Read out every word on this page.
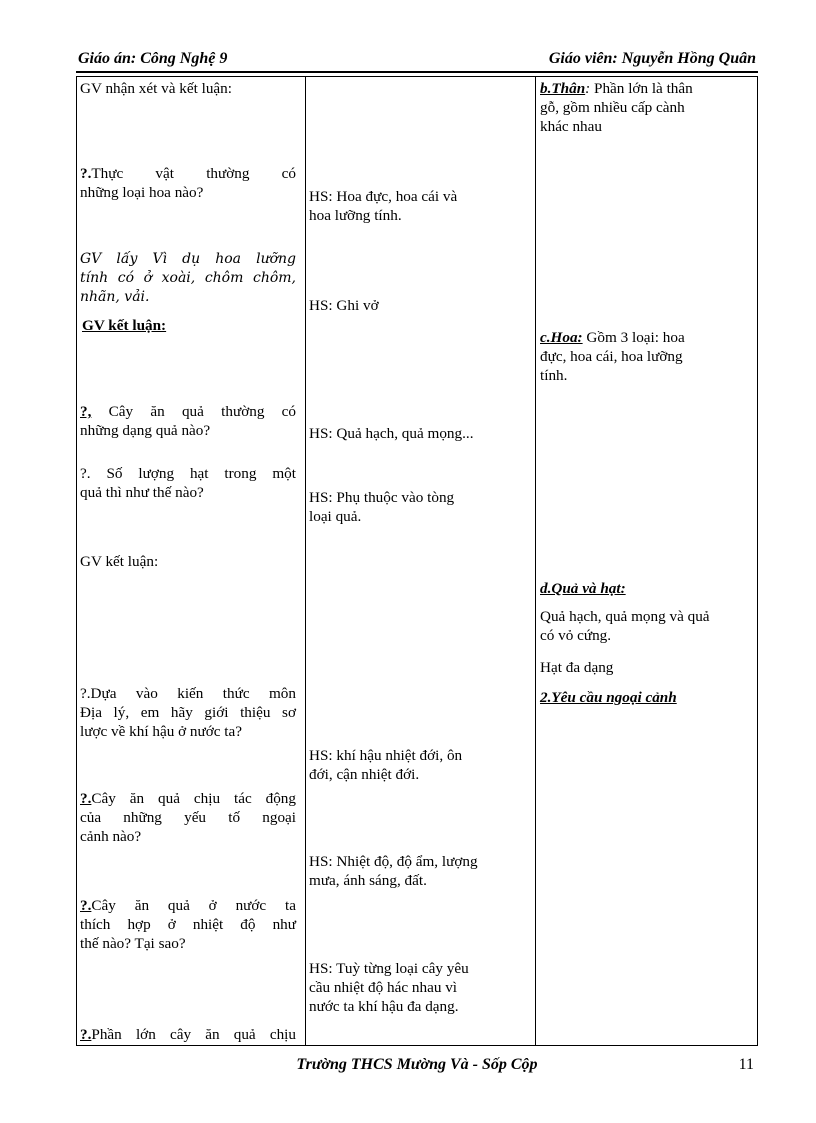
Giáo án: Công Nghệ 9	Giáo viên: Nguyễn Hồng Quân
GV nhận xét và kết luận:
?.Thực vật thường có
những loại hoa nào?
GV lấy Vì dụ hoa lưỡng
tính có ở xoài, chôm chôm,
nhãn, vải.
GV kết luận:
?, Cây ăn quả thường có
những dạng quả nào?
?. Số lượng hạt trong một
quả thì như thế nào?
GV kết luận:
?.Dựa vào kiến thức môn
Địa lý, em hãy giới thiệu sơ
lược về khí hậu ở nước ta?
?.Cây ăn quả chịu tác động
của những yếu tố ngoại
cảnh nào?
?.Cây ăn quả ở nước ta
thích hợp ở nhiệt độ như
thế nào? Tại sao?
?.Phần lớn cây ăn quả chịu
HS: Hoa đực, hoa cái và
hoa lưỡng tính.
HS: Ghi vở
HS: Quả hạch, quả mọng...
HS: Phụ thuộc vào tòng
loại quả.
HS: khí hậu nhiệt đới, ôn
đới, cận nhiệt đới.
HS: Nhiệt độ, độ ẩm, lượng
mưa, ánh sáng, đất.
HS: Tuỳ từng loại cây yêu
cầu nhiệt độ hác nhau vì
nước ta khí hậu đa dạng.
b.Thân: Phần lớn là thân
gỗ, gồm nhiều cấp cành
khác nhau
c.Hoa: Gồm 3 loại: hoa
đực, hoa cái, hoa lưỡng
tính.
d.Quả và hạt:
Quả hạch, quả mọng và quả
có vỏ cứng.
Hạt đa dạng
2.Yêu cầu ngoại cảnh
Trường THCS Mường Và - Sốp Cộp	11
